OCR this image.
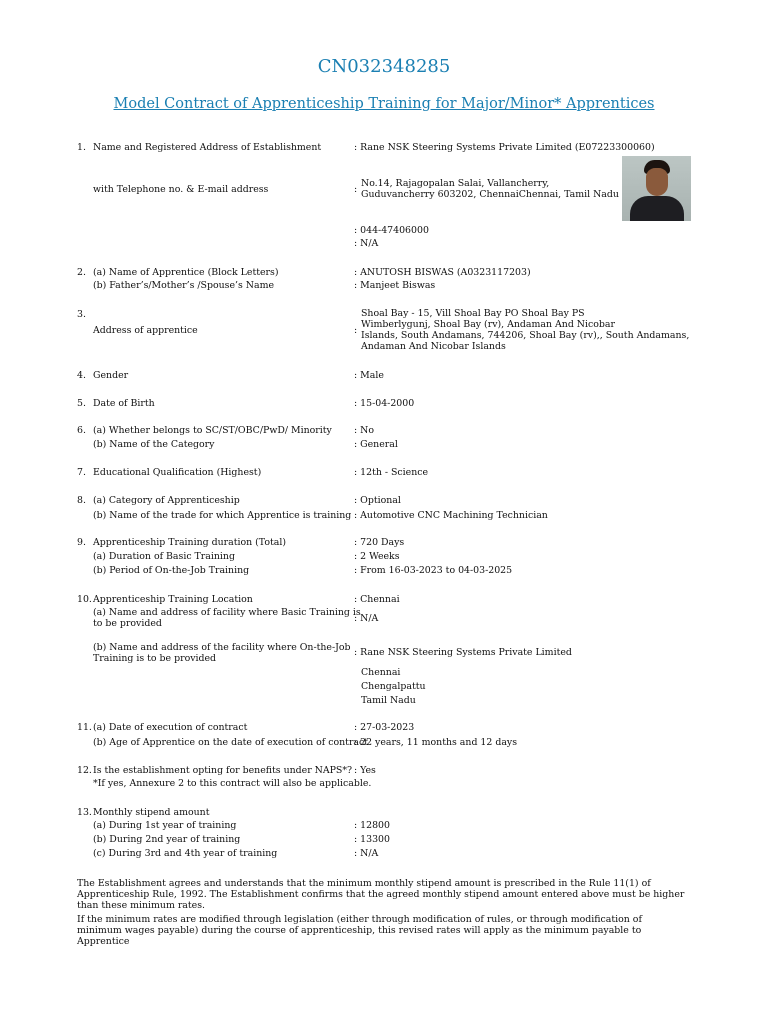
CN032348285
Model Contract of Apprenticeship Training for Major/Minor* Apprentices
1. Name and Registered Address of Establishment	: Rane NSK Steering Systems Private Limited (E07223300060)
with Telephone no. & E-mail address	:
No.14, Rajagopalan Salai, Vallancherry,
Guduvancherry 603202, ChennaiChennai, Tamil Nadu
: 044-47406000
: N/A
2. (a) Name of Apprentice (Block Letters)	: ANUTOSH BISWAS (A0323117203)
(b) Father’s/Mother’s /Spouse’s Name	: Manjeet Biswas
3.
Address of apprentice	:
Shoal Bay - 15, Vill Shoal Bay PO Shoal Bay PS
Wimberlygunj, Shoal Bay (rv), Andaman And Nicobar
Islands, South Andamans, 744206, Shoal Bay (rv),, South Andamans,
Andaman And Nicobar Islands
4. Gender	: Male
5. Date of Birth	: 15-04-2000
6. (a) Whether belongs to SC/ST/OBC/PwD/ Minority : No
(b) Name of the Category	: General
7. Educational Qualification (Highest)	: 12th - Science
8. (a) Category of Apprenticeship	: Optional
(b) Name of the trade for which Apprentice is training : Automotive CNC Machining Technician
9. Apprenticeship Training duration (Total)	: 720 Days
(a) Duration of Basic Training	: 2 Weeks
(b) Period of On-the-Job Training	: From 16-03-2023 to 04-03-2025
10. Apprenticeship Training Location	: Chennai
(a) Name and address of facility where Basic Training is
to be provided	: N/A
(b) Name and address of the facility where On-the-Job
Training is to be provided
: Rane NSK Steering Systems Private Limited
Chennai
Chengalpattu
Tamil Nadu
11. (a) Date of execution of contract	: 27-03-2023
(b) Age of Apprentice on the date of execution of contract
: 22 years, 11 months and 12 days
12. Is the establishment opting for benefits under NAPS*? : Yes
*If yes, Annexure 2 to this contract will also be applicable.
13. Monthly stipend amount
(a) During 1st year of training	: 12800
(b) During 2nd year of training	: 13300
(c) During 3rd and 4th year of training	: N/A
The Establishment agrees and understands that the minimum monthly stipend amount is prescribed in the Rule 11(1) of Apprenticeship Rule, 1992. The Establishment confirms that the agreed monthly stipend amount entered above must be higher than these minimum rates.
If the minimum rates are modified through legislation (either through modification of rules, or through modification of minimum wages payable) during the course of apprenticeship, this revised rates will apply as the minimum payable to Apprentice
